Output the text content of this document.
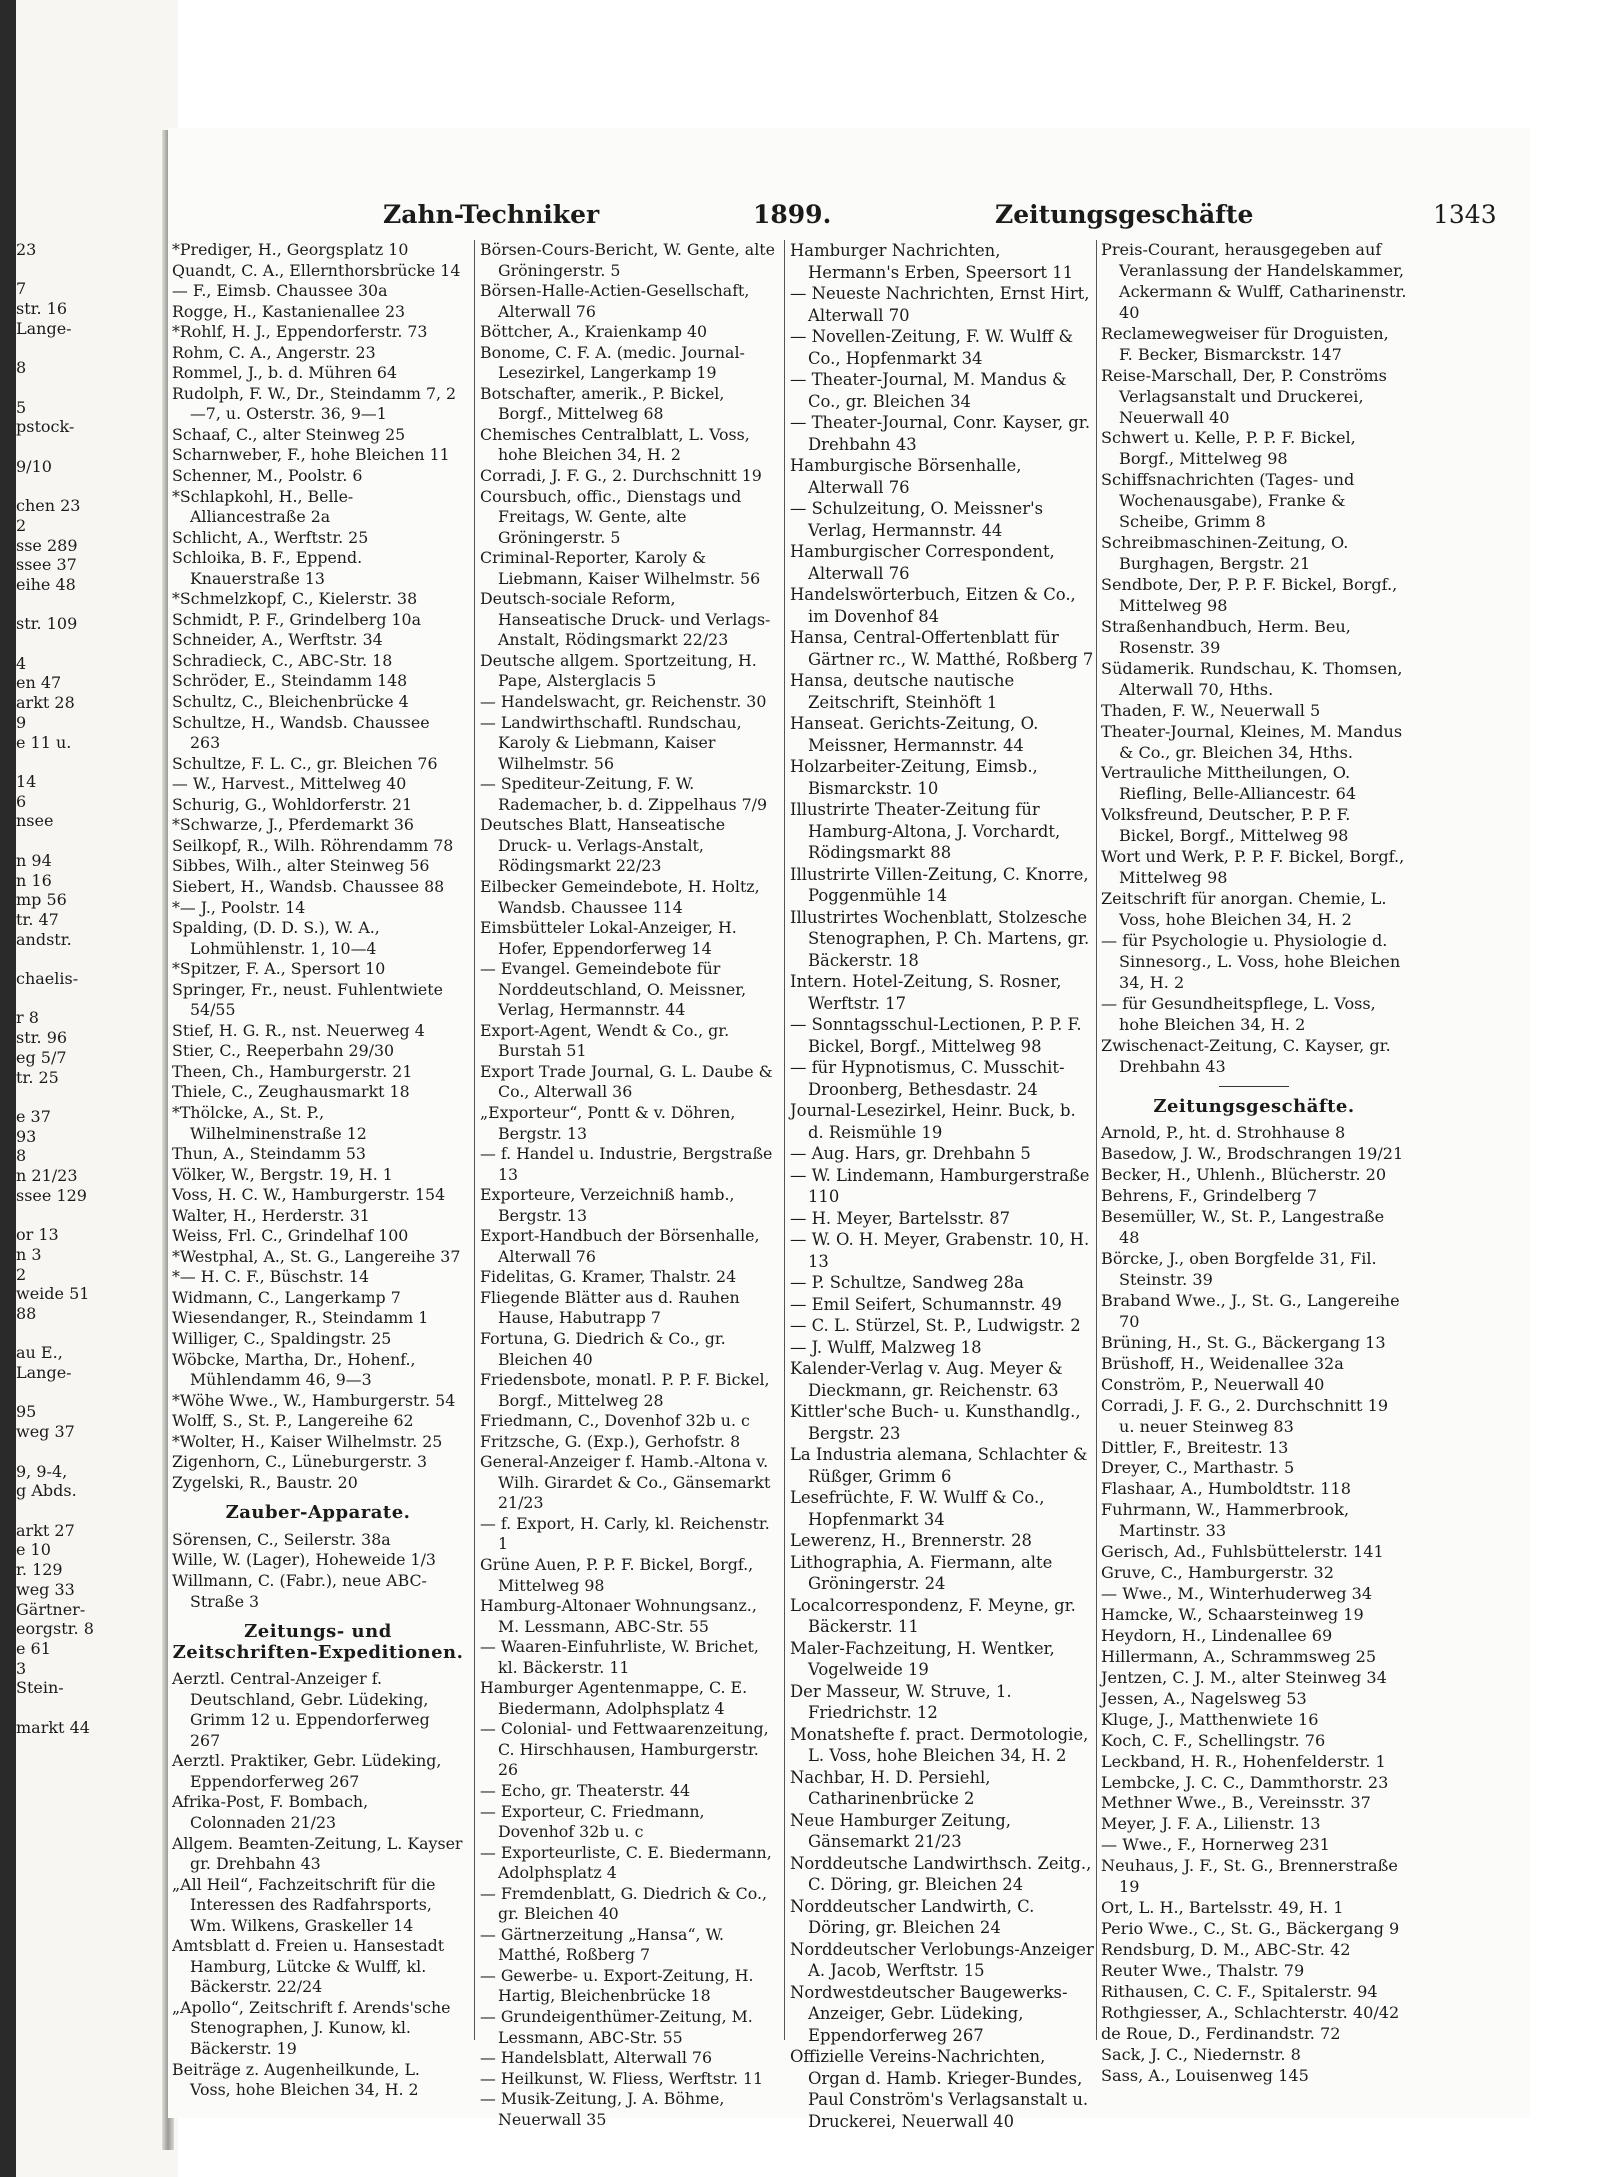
23

7
str. 16
Lange-

8

5
pstock-

9/10

chen 23
2
sse 289
ssee 37
eihe 48

str. 109

4
en 47
arkt 28
9
e 11 u.

14
6
nsee

n 94
n 16
mp 56
tr. 47
andstr.

chaelis-

r 8
str. 96
eg 5/7
tr. 25

e 37
93
8
n 21/23
ssee 129

or 13
n 3
2
weide 51
88

au E.,
Lange-

95
weg 37

9, 9-4,
g Abds.

arkt 27
e 10
r. 129
weg 33
Gärtner-
eorgstr. 8
e 61
3
Stein-

markt 44
Zahn-Techniker	1899.	Zeitungsgeschäfte	1343
*Prediger, H., Georgsplatz 10
Quandt, C. A., Ellernthorsbrücke 14
— F., Eimsb. Chaussee 30a
Rogge, H., Kastanienallee 23
*Rohlf, H. J., Eppendorferstr. 73
Rohm, C. A., Angerstr. 23
Rommel, J., b. d. Mühren 64
Rudolph, F. W., Dr., Steindamm 7, 2—7, u. Osterstr. 36, 9—1
Schaaf, C., alter Steinweg 25
Scharnweber, F., hohe Bleichen 11
Schenner, M., Poolstr. 6
*Schlapkohl, H., Belle-Alliancestraße 2a
Schlicht, A., Werftstr. 25
Schloika, B. F., Eppend. Knauerstraße 13
*Schmelzkopf, C., Kielerstr. 38
Schmidt, P. F., Grindelberg 10a
Schneider, A., Werftstr. 34
Schradieck, C., ABC-Str. 18
Schröder, E., Steindamm 148
Schultz, C., Bleichenbrücke 4
Schultze, H., Wandsb. Chaussee 263
Schultze, F. L. C., gr. Bleichen 76
— W., Harvest., Mittelweg 40
Schurig, G., Wohldorferstr. 21
*Schwarze, J., Pferdemarkt 36
Seilkopf, R., Wilh. Röhrendamm 78
Sibbes, Wilh., alter Steinweg 56
Siebert, H., Wandsb. Chaussee 88
*— J., Poolstr. 14
Spalding, (D. D. S.), W. A., Lohmühlenstr. 1, 10—4
*Spitzer, F. A., Spersort 10
Springer, Fr., neust. Fuhlentwiete 54/55
Stief, H. G. R., nst. Neuerweg 4
Stier, C., Reeperbahn 29/30
Theen, Ch., Hamburgerstr. 21
Thiele, C., Zeughausmarkt 18
*Thölcke, A., St. P., Wilhelminenstraße 12
Thun, A., Steindamm 53
Völker, W., Bergstr. 19, H. 1
Voss, H. C. W., Hamburgerstr. 154
Walter, H., Herderstr. 31
Weiss, Frl. C., Grindelhaf 100
*Westphal, A., St. G., Langereihe 37
*— H. C. F., Büschstr. 14
Widmann, C., Langerkamp 7
Wiesendanger, R., Steindamm 1
Williger, C., Spaldingstr. 25
Wöbcke, Martha, Dr., Hohenf., Mühlendamm 46, 9—3
*Wöhe Wwe., W., Hamburgerstr. 54
Wolff, S., St. P., Langereihe 62
*Wolter, H., Kaiser Wilhelmstr. 25
Zigenhorn, C., Lüneburgerstr. 3
Zygelski, R., Baustr. 20
Zauber-Apparate.
Sörensen, C., Seilerstr. 38a
Wille, W. (Lager), Hoheweide 1/3
Willmann, C. (Fabr.), neue ABC-Straße 3
Zeitungs- und Zeitschriften-Expeditionen.
Aerztl. Central-Anzeiger f. Deutschland, Gebr. Lüdeking, Grimm 12 u. Eppendorferweg 267
Aerztl. Praktiker, Gebr. Lüdeking, Eppendorferweg 267
Afrika-Post, F. Bombach, Colonnaden 21/23
Allgem. Beamten-Zeitung, L. Kayser gr. Drehbahn 43
„All Heil“, Fachzeitschrift für die Interessen des Radfahrsports, Wm. Wilkens, Graskeller 14
Amtsblatt d. Freien u. Hansestadt Hamburg, Lütcke & Wulff, kl. Bäckerstr. 22/24
„Apollo“, Zeitschrift f. Arends'sche Stenographen, J. Kunow, kl. Bäckerstr. 19
Beiträge z. Augenheilkunde, L. Voss, hohe Bleichen 34, H. 2
Börsen-Cours-Bericht, W. Gente, alte Gröningerstr. 5
Börsen-Halle-Actien-Gesellschaft, Alterwall 76
Böttcher, A., Kraienkamp 40
Bonome, C. F. A. (medic. Journal-Lesezirkel, Langerkamp 19
Botschafter, amerik., P. Bickel, Borgf., Mittelweg 68
Chemisches Centralblatt, L. Voss, hohe Bleichen 34, H. 2
Corradi, J. F. G., 2. Durchschnitt 19
Coursbuch, offic., Dienstags und Freitags, W. Gente, alte Gröningerstr. 5
Criminal-Reporter, Karoly & Liebmann, Kaiser Wilhelmstr. 56
Deutsch-sociale Reform, Hanseatische Druck- und Verlags-Anstalt, Rödingsmarkt 22/23
Deutsche allgem. Sportzeitung, H. Pape, Alsterglacis 5
— Handelswacht, gr. Reichenstr. 30
— Landwirthschaftl. Rundschau, Karoly & Liebmann, Kaiser Wilhelmstr. 56
— Spediteur-Zeitung, F. W. Rademacher, b. d. Zippelhaus 7/9
Deutsches Blatt, Hanseatische Druck- u. Verlags-Anstalt, Rödingsmarkt 22/23
Eilbecker Gemeindebote, H. Holtz, Wandsb. Chaussee 114
Eimsbütteler Lokal-Anzeiger, H. Hofer, Eppendorferweg 14
— Evangel. Gemeindebote für Norddeutschland, O. Meissner, Verlag, Hermannstr. 44
Export-Agent, Wendt & Co., gr. Burstah 51
Export Trade Journal, G. L. Daube & Co., Alterwall 36
„Exporteur“, Pontt & v. Döhren, Bergstr. 13
— f. Handel u. Industrie, Bergstraße 13
Exporteure, Verzeichniß hamb., Bergstr. 13
Export-Handbuch der Börsenhalle, Alterwall 76
Fidelitas, G. Kramer, Thalstr. 24
Fliegende Blätter aus d. Rauhen Hause, Habutrapp 7
Fortuna, G. Diedrich & Co., gr. Bleichen 40
Friedensbote, monatl. P. P. F. Bickel, Borgf., Mittelweg 28
Friedmann, C., Dovenhof 32b u. c
Fritzsche, G. (Exp.), Gerhofstr. 8
General-Anzeiger f. Hamb.-Altona v. Wilh. Girardet & Co., Gänsemarkt 21/23
— f. Export, H. Carly, kl. Reichenstr. 1
Grüne Auen, P. P. F. Bickel, Borgf., Mittelweg 98
Hamburg-Altonaer Wohnungsanz., M. Lessmann, ABC-Str. 55
— Waaren-Einfuhrliste, W. Brichet, kl. Bäckerstr. 11
Hamburger Agentenmappe, C. E. Biedermann, Adolphsplatz 4
— Colonial- und Fettwaarenzeitung, C. Hirschhausen, Hamburgerstr. 26
— Echo, gr. Theaterstr. 44
— Exporteur, C. Friedmann, Dovenhof 32b u. c
— Exporteurliste, C. E. Biedermann, Adolphsplatz 4
— Fremdenblatt, G. Diedrich & Co., gr. Bleichen 40
— Gärtnerzeitung „Hansa“, W. Matthé, Roßberg 7
— Gewerbe- u. Export-Zeitung, H. Hartig, Bleichenbrücke 18
— Grundeigenthümer-Zeitung, M. Lessmann, ABC-Str. 55
— Handelsblatt, Alterwall 76
— Heilkunst, W. Fliess, Werftstr. 11
— Musik-Zeitung, J. A. Böhme, Neuerwall 35
Hamburger Nachrichten, Hermann's Erben, Speersort 11
— Neueste Nachrichten, Ernst Hirt, Alterwall 70
— Novellen-Zeitung, F. W. Wulff & Co., Hopfenmarkt 34
— Theater-Journal, M. Mandus & Co., gr. Bleichen 34
— Theater-Journal, Conr. Kayser, gr. Drehbahn 43
Hamburgische Börsenhalle, Alterwall 76
— Schulzeitung, O. Meissner's Verlag, Hermannstr. 44
Hamburgischer Correspondent, Alterwall 76
Handelswörterbuch, Eitzen & Co., im Dovenhof 84
Hansa, Central-Offertenblatt für Gärtner rc., W. Matthé, Roßberg 7
Hansa, deutsche nautische Zeitschrift, Steinhöft 1
Hanseat. Gerichts-Zeitung, O. Meissner, Hermannstr. 44
Holzarbeiter-Zeitung, Eimsb., Bismarckstr. 10
Illustrirte Theater-Zeitung für Hamburg-Altona, J. Vorchardt, Rödingsmarkt 88
Illustrirte Villen-Zeitung, C. Knorre, Poggenmühle 14
Illustrirtes Wochenblatt, Stolzesche Stenographen, P. Ch. Martens, gr. Bäckerstr. 18
Intern. Hotel-Zeitung, S. Rosner, Werftstr. 17
— Sonntagsschul-Lectionen, P. P. F. Bickel, Borgf., Mittelweg 98
— für Hypnotismus, C. Musschit-Droonberg, Bethesdastr. 24
Journal-Lesezirkel, Heinr. Buck, b. d. Reismühle 19
— Aug. Hars, gr. Drehbahn 5
— W. Lindemann, Hamburgerstraße 110
— H. Meyer, Bartelsstr. 87
— W. O. H. Meyer, Grabenstr. 10, H. 13
— P. Schultze, Sandweg 28a
— Emil Seifert, Schumannstr. 49
— C. L. Stürzel, St. P., Ludwigstr. 2
— J. Wulff, Malzweg 18
Kalender-Verlag v. Aug. Meyer & Dieckmann, gr. Reichenstr. 63
Kittler'sche Buch- u. Kunsthandlg., Bergstr. 23
La Industria alemana, Schlachter & Rüßger, Grimm 6
Lesefrüchte, F. W. Wulff & Co., Hopfenmarkt 34
Lewerenz, H., Brennerstr. 28
Lithographia, A. Fiermann, alte Gröningerstr. 24
Localcorrespondenz, F. Meyne, gr. Bäckerstr. 11
Maler-Fachzeitung, H. Wentker, Vogelweide 19
Der Masseur, W. Struve, 1. Friedrichstr. 12
Monatshefte f. pract. Dermotologie, L. Voss, hohe Bleichen 34, H. 2
Nachbar, H. D. Persiehl, Catharinenbrücke 2
Neue Hamburger Zeitung, Gänsemarkt 21/23
Norddeutsche Landwirthsch. Zeitg., C. Döring, gr. Bleichen 24
Norddeutscher Landwirth, C. Döring, gr. Bleichen 24
Norddeutscher Verlobungs-Anzeiger A. Jacob, Werftstr. 15
Nordwestdeutscher Baugewerks-Anzeiger, Gebr. Lüdeking, Eppendorferweg 267
Offizielle Vereins-Nachrichten, Organ d. Hamb. Krieger-Bundes, Paul Conström's Verlagsanstalt u. Druckerei, Neuerwall 40
Preis-Courant, herausgegeben auf Veranlassung der Handelskammer, Ackermann & Wulff, Catharinenstr. 40
Reclamewegweiser für Droguisten, F. Becker, Bismarckstr. 147
Reise-Marschall, Der, P. Conströms Verlagsanstalt und Druckerei, Neuerwall 40
Schwert u. Kelle, P. P. F. Bickel, Borgf., Mittelweg 98
Schiffsnachrichten (Tages- und Wochenausgabe), Franke & Scheibe, Grimm 8
Schreibmaschinen-Zeitung, O. Burghagen, Bergstr. 21
Sendbote, Der, P. P. F. Bickel, Borgf., Mittelweg 98
Straßenhandbuch, Herm. Beu, Rosenstr. 39
Südamerik. Rundschau, K. Thomsen, Alterwall 70, Hths.
Thaden, F. W., Neuerwall 5
Theater-Journal, Kleines, M. Mandus & Co., gr. Bleichen 34, Hths.
Vertrauliche Mittheilungen, O. Riefling, Belle-Alliancestr. 64
Volksfreund, Deutscher, P. P. F. Bickel, Borgf., Mittelweg 98
Wort und Werk, P. P. F. Bickel, Borgf., Mittelweg 98
Zeitschrift für anorgan. Chemie, L. Voss, hohe Bleichen 34, H. 2
— für Psychologie u. Physiologie d. Sinnesorg., L. Voss, hohe Bleichen 34, H. 2
— für Gesundheitspflege, L. Voss, hohe Bleichen 34, H. 2
Zwischenact-Zeitung, C. Kayser, gr. Drehbahn 43
Zeitungsgeschäfte.
Arnold, P., ht. d. Strohhause 8
Basedow, J. W., Brodschrangen 19/21
Becker, H., Uhlenh., Blücherstr. 20
Behrens, F., Grindelberg 7
Besemüller, W., St. P., Langestraße 48
Börcke, J., oben Borgfelde 31, Fil. Steinstr. 39
Braband Wwe., J., St. G., Langereihe 70
Brüning, H., St. G., Bäckergang 13
Brüshoff, H., Weidenallee 32a
Conström, P., Neuerwall 40
Corradi, J. F. G., 2. Durchschnitt 19 u. neuer Steinweg 83
Dittler, F., Breitestr. 13
Dreyer, C., Marthastr. 5
Flashaar, A., Humboldtstr. 118
Fuhrmann, W., Hammerbrook, Martinstr. 33
Gerisch, Ad., Fuhlsbüttelerstr. 141
Gruve, C., Hamburgerstr. 32
— Wwe., M., Winterhuderweg 34
Hamcke, W., Schaarsteinweg 19
Heydorn, H., Lindenallee 69
Hillermann, A., Schrammsweg 25
Jentzen, C. J. M., alter Steinweg 34
Jessen, A., Nagelsweg 53
Kluge, J., Matthenwiete 16
Koch, C. F., Schellingstr. 76
Leckband, H. R., Hohenfelderstr. 1
Lembcke, J. C. C., Dammthorstr. 23
Methner Wwe., B., Vereinsstr. 37
Meyer, J. F. A., Lilienstr. 13
— Wwe., F., Hornerweg 231
Neuhaus, J. F., St. G., Brennerstraße 19
Ort, L. H., Bartelsstr. 49, H. 1
Perio Wwe., C., St. G., Bäckergang 9
Rendsburg, D. M., ABC-Str. 42
Reuter Wwe., Thalstr. 79
Rithausen, C. C. F., Spitalerstr. 94
Rothgiesser, A., Schlachterstr. 40/42
de Roue, D., Ferdinandstr. 72
Sack, J. C., Niedernstr. 8
Sass, A., Louisenweg 145
